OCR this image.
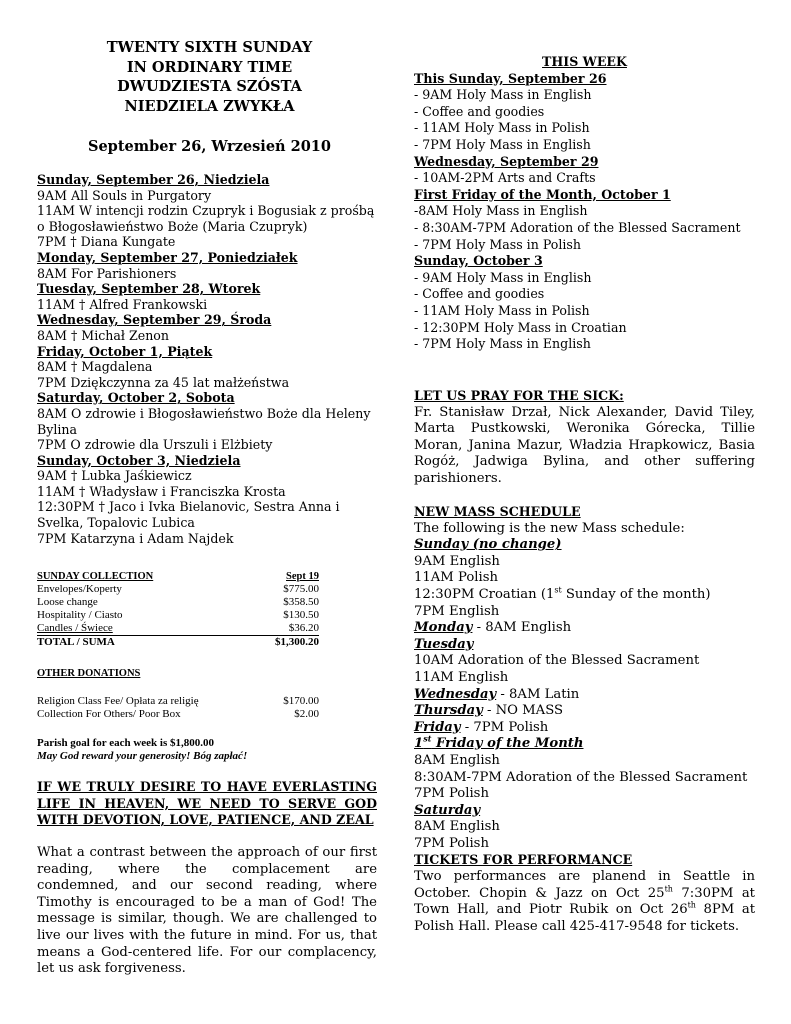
TWENTY SIXTH SUNDAY
IN ORDINARY TIME
DWUDZIESTA SZÓSTA
NIEDZIELA ZWYKŁA
September 26, Wrzesień 2010
Sunday, September 26, Niedziela
9AM All Souls in Purgatory
11AM W intencji rodzin Czupryk i Bogusiak z prośbą o Błogosławieństwo Boże (Maria Czupryk)
7PM † Diana Kungate
Monday, September 27, Poniedziałek
8AM For Parishioners
Tuesday, September 28, Wtorek
11AM † Alfred Frankowski
Wednesday, September 29, Środa
8AM † Michał Zenon
Friday, October 1, Piątek
8AM † Magdalena
7PM Dziękczynna za 45 lat małżeństwa
Saturday, October 2, Sobota
8AM O zdrowie i Błogosławieństwo Boże dla Heleny Bylina
7PM O zdrowie dla Urszuli i Elżbiety
Sunday, October 3, Niedziela
9AM † Lubka Jaśkiewicz
11AM † Władysław i Franciszka Krosta
12:30PM † Jaco i Ivka Bielanovic, Sestra Anna i Svelka, Topalovic Lubica
7PM Katarzyna i Adam Najdek
SUNDAY COLLECTION	Sept 19
Envelopes/Koperty	$775.00
Loose change	$358.50
Hospitality / Ciasto	$130.50
Candles / Świece	$36.20
TOTAL / SUMA	$1,300.20
OTHER DONATIONS
Religion Class Fee/ Opłata za religię	$170.00
Collection For Others/ Poor Box	$2.00
Parish goal for each week is $1,800.00
May God reward your generosity! Bóg zapłać!
IF WE TRULY DESIRE TO HAVE EVERLASTING LIFE IN HEAVEN, WE NEED TO SERVE GOD WITH DEVOTION, LOVE, PATIENCE, AND ZEAL
What a contrast between the approach of our first reading, where the complacement are condemned, and our second reading, where Timothy is encouraged to be a man of God! The message is similar, though. We are challenged to live our lives with the future in mind. For us, that means a God-centered life. For our complacency, let us ask forgiveness.
THIS WEEK
This Sunday, September 26
- 9AM Holy Mass in English
- Coffee and goodies
- 11AM Holy Mass in Polish
- 7PM Holy Mass in English
Wednesday, September 29
- 10AM-2PM Arts and Crafts
First Friday of the Month, October 1
-8AM Holy Mass in English
- 8:30AM-7PM Adoration of the Blessed Sacrament
- 7PM Holy Mass in Polish
Sunday, October 3
- 9AM Holy Mass in English
- Coffee and goodies
- 11AM Holy Mass in Polish
- 12:30PM Holy Mass in Croatian
- 7PM Holy Mass in English
LET US PRAY FOR THE SICK:
Fr. Stanisław Drzał, Nick Alexander, David Tiley, Marta Pustkowski, Weronika Górecka, Tillie Moran, Janina Mazur, Władzia Hrapkowicz, Basia Rogóż, Jadwiga Bylina, and other suffering parishioners.
NEW MASS SCHEDULE
The following is the new Mass schedule:
Sunday (no change)
9AM English
11AM Polish
12:30PM Croatian (1st Sunday of the month)
7PM English
Monday - 8AM English
Tuesday
10AM Adoration of the Blessed Sacrament
11AM English
Wednesday - 8AM Latin
Thursday - NO MASS
Friday - 7PM Polish
1st Friday of the Month
8AM English
8:30AM-7PM Adoration of the Blessed Sacrament
7PM Polish
Saturday
8AM English
7PM Polish
TICKETS FOR PERFORMANCE
Two performances are planend in Seattle in October. Chopin & Jazz on Oct 25th 7:30PM at Town Hall, and Piotr Rubik on Oct 26th 8PM at Polish Hall. Please call 425-417-9548 for tickets.
